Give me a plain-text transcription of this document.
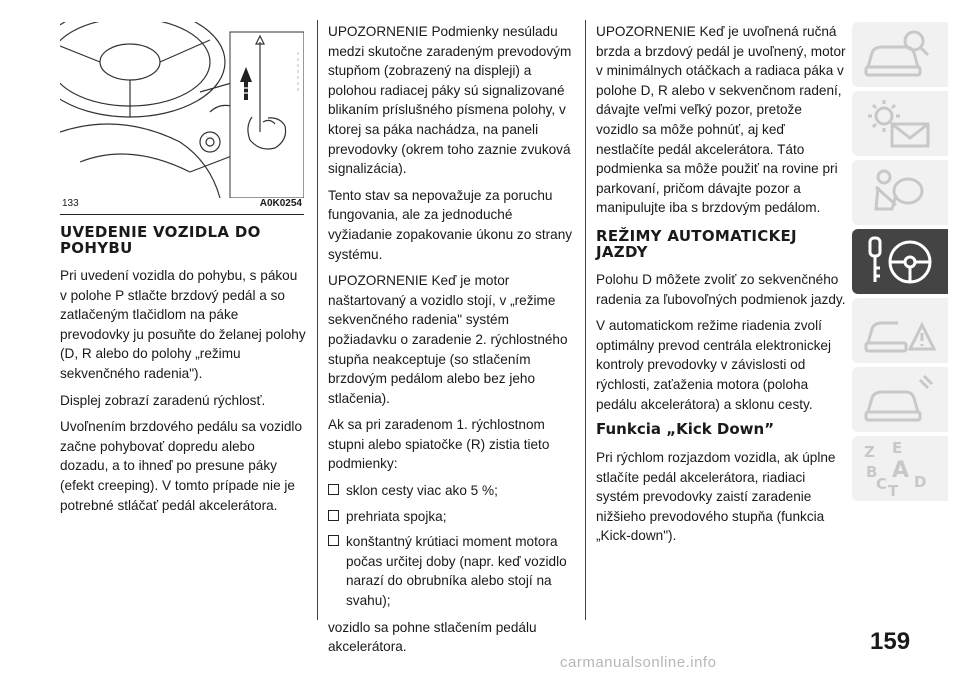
133	A0K0254
UVEDENIE VOZIDLA DO POHYBU

Pri uvedení vozidla do pohybu, s pákou v polohe P stlačte brzdový pedál a so zatlačeným tlačidlom na páke prevodovky ju posuňte do želanej polohy (D, R alebo do polohy „režimu sekvenčného radenia").

Displej zobrazí zaradenú rýchlosť.

Uvoľnením brzdového pedálu sa vozidlo začne pohybovať dopredu alebo dozadu, a to ihneď po presune páky (efekt creeping). V tomto prípade nie je potrebné stláčať pedál akcelerátora.

UPOZORNENIE Podmienky nesúladu medzi skutočne zaradeným prevodovým stupňom (zobrazený na displeji) a polohou radiacej páky sú signalizované blikaním príslušného písmena polohy, v ktorej sa páka nachádza, na paneli prevodovky (okrem toho zaznie zvuková signalizácia).

Tento stav sa nepovažuje za poruchu fungovania, ale za jednoduché vyžiadanie zopakovanie úkonu zo strany systému.

UPOZORNENIE Keď je motor naštartovaný a vozidlo stojí, v „režime sekvenčného radenia" systém požiadavku o zaradenie 2. rýchlostného stupňa neakceptuje (so stlačením brzdovým pedálom alebo bez jeho stlačenia).

Ak sa pri zaradenom 1. rýchlostnom stupni alebo spiatočke (R) zistia tieto podmienky:

sklon cesty viac ako 5 %;
prehriata spojka;
konštantný krútiaci moment motora počas určitej doby (napr. keď vozidlo narazí do obrubníka alebo stojí na svahu);

vozidlo sa pohne stlačením pedálu akcelerátora.

UPOZORNENIE Keď je uvoľnená ručná brzda a brzdový pedál je uvoľnený, motor v minimálnych otáčkach a radiaca páka v polohe D, R alebo v sekvenčnom radení, dávajte veľmi veľký pozor, pretože vozidlo sa môže pohnúť, aj keď nestlačíte pedál akcelerátora. Táto podmienka sa môže použiť na rovine pri parkovaní, pričom dávajte pozor a manipulujte iba s brzdovým pedálom.

REŽIMY AUTOMATICKEJ JAZDY

Polohu D môžete zvoliť zo sekvenčného radenia za ľubovoľných podmienok jazdy.

V automatickom režime riadenia zvolí optimálny prevod centrála elektronickej kontroly prevodovky v závislosti od rýchlosti, zaťaženia motora (poloha pedálu akcelerátora) a sklonu cesty.

Funkcia „Kick Down”

Pri rýchlom rozjazdom vozidla, ak úplne stlačíte pedál akcelerátora, riadiaci systém prevodovky zaistí zaradenie nižšieho prevodového stupňa (funkcia „Kick-down").

Z E
B A
C T D
159
carmanualsonline.info
